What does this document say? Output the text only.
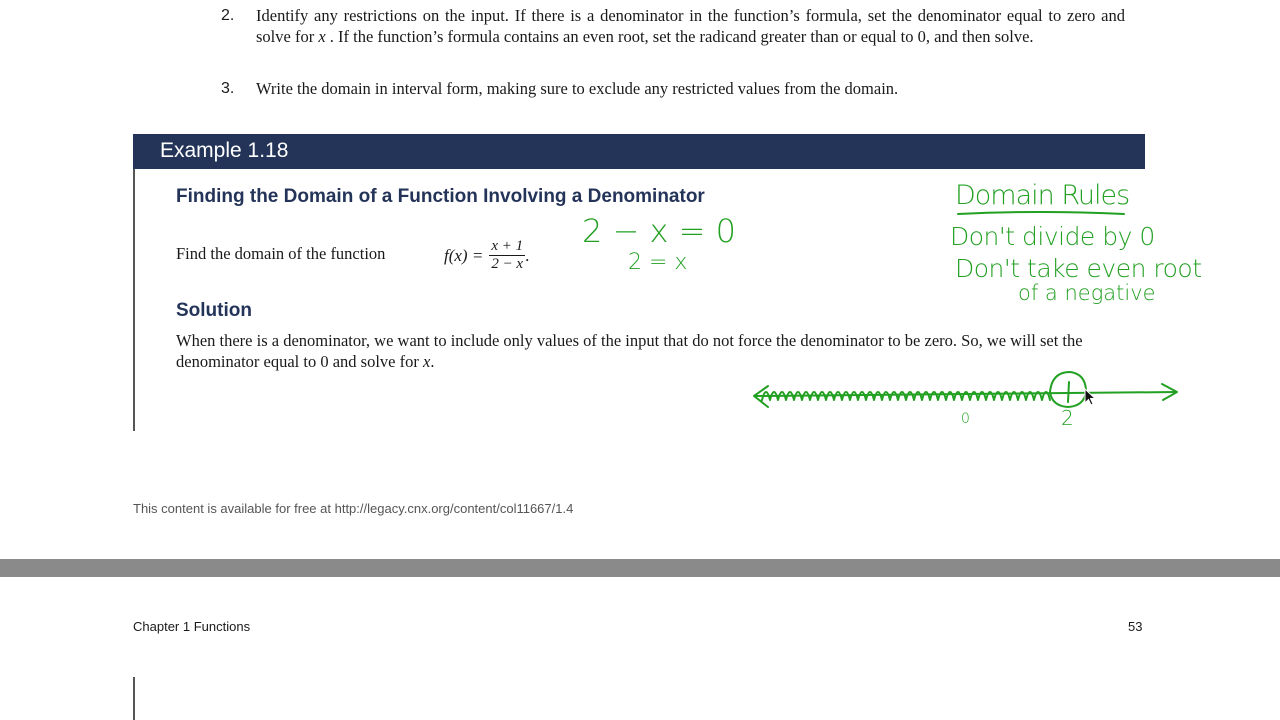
2. Identify any restrictions on the input. If there is a denominator in the function’s formula, set the denominator equal to zero and solve for x . If the function’s formula contains an even root, set the radicand greater than or equal to 0, and then solve.
3. Write the domain in interval form, making sure to exclude any restricted values from the domain.
Example 1.18
Finding the Domain of a Function Involving a Denominator
Find the domain of the function	$f(x) = \frac{x + 1}{2 - x}$ .
Solution
When there is a denominator, we want to include only values of the input that do not force the denominator to be zero. So, we will set the denominator equal to 0 and solve for x.
This content is available for free at http://legacy.cnx.org/content/col11667/1.4
Chapter 1 Functions	53
2 − x = 0
2 = x
Domain Rules
Don't divide by 0
Don't take even root
of a negative
0	2
